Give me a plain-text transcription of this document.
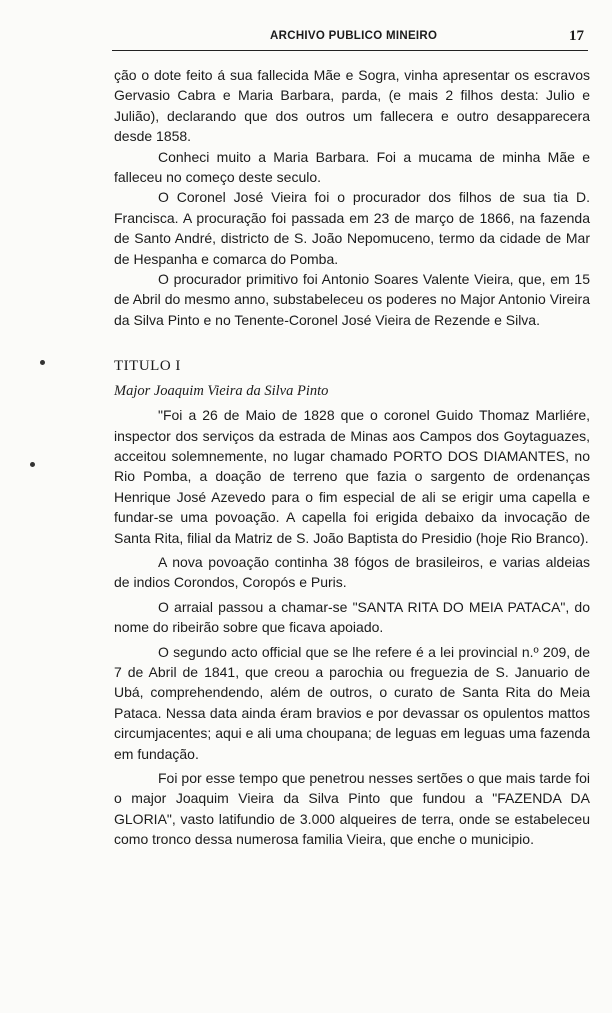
ARCHIVO PUBLICO MINEIRO	17

ção o dote feito á sua fallecida Mãe e Sogra, vinha apresentar os escravos Gervasio Cabra e Maria Barbara, parda, (e mais 2 filhos desta: Julio e Julião), declarando que dos outros um fallecera e outro desapparecera desde 1858.

Conheci muito a Maria Barbara. Foi a mucama de minha Mãe e falleceu no começo deste seculo.

O Coronel José Vieira foi o procurador dos filhos de sua tia D. Francisca. A procuração foi passada em 23 de março de 1866, na fazenda de Santo André, districto de S. João Nepomuceno, termo da cidade de Mar de Hespanha e comarca do Pomba.

O procurador primitivo foi Antonio Soares Valente Vieira, que, em 15 de Abril do mesmo anno, substabeleceu os poderes no Major Antonio Vireira da Silva Pinto e no Tenente-Coronel José Vieira de Rezende e Silva.

TITULO I

Major Joaquim Vieira da Silva Pinto

"Foi a 26 de Maio de 1828 que o coronel Guido Thomaz Marliére, inspector dos serviços da estrada de Minas aos Campos dos Goytaguazes, acceitou solemnemente, no lugar chamado PORTO DOS DIAMANTES, no Rio Pomba, a doação de terreno que fazia o sargento de ordenanças Henrique José Azevedo para o fim especial de ali se erigir uma capella e fundar-se uma povoação. A capella foi erigida debaixo da invocação de Santa Rita, filial da Matriz de S. João Baptista do Presidio (hoje Rio Branco).

A nova povoação continha 38 fógos de brasileiros, e varias aldeias de indios Corondos, Coropós e Puris.

O arraial passou a chamar-se "SANTA RITA DO MEIA PATACA", do nome do ribeirão sobre que ficava apoiado.

O segundo acto official que se lhe refere é a lei provincial n.º 209, de 7 de Abril de 1841, que creou a parochia ou freguezia de S. Januario de Ubá, comprehendendo, além de outros, o curato de Santa Rita do Meia Pataca. Nessa data ainda éram bravios e por devassar os opulentos mattos circumjacentes; aqui e ali uma choupana; de leguas em leguas uma fazenda em fundação.

Foi por esse tempo que penetrou nesses sertões o que mais tarde foi o major Joaquim Vieira da Silva Pinto que fundou a "FAZENDA DA GLORIA", vasto latifundio de 3.000 alqueires de terra, onde se estabeleceu como tronco dessa numerosa familia Vieira, que enche o municipio.
